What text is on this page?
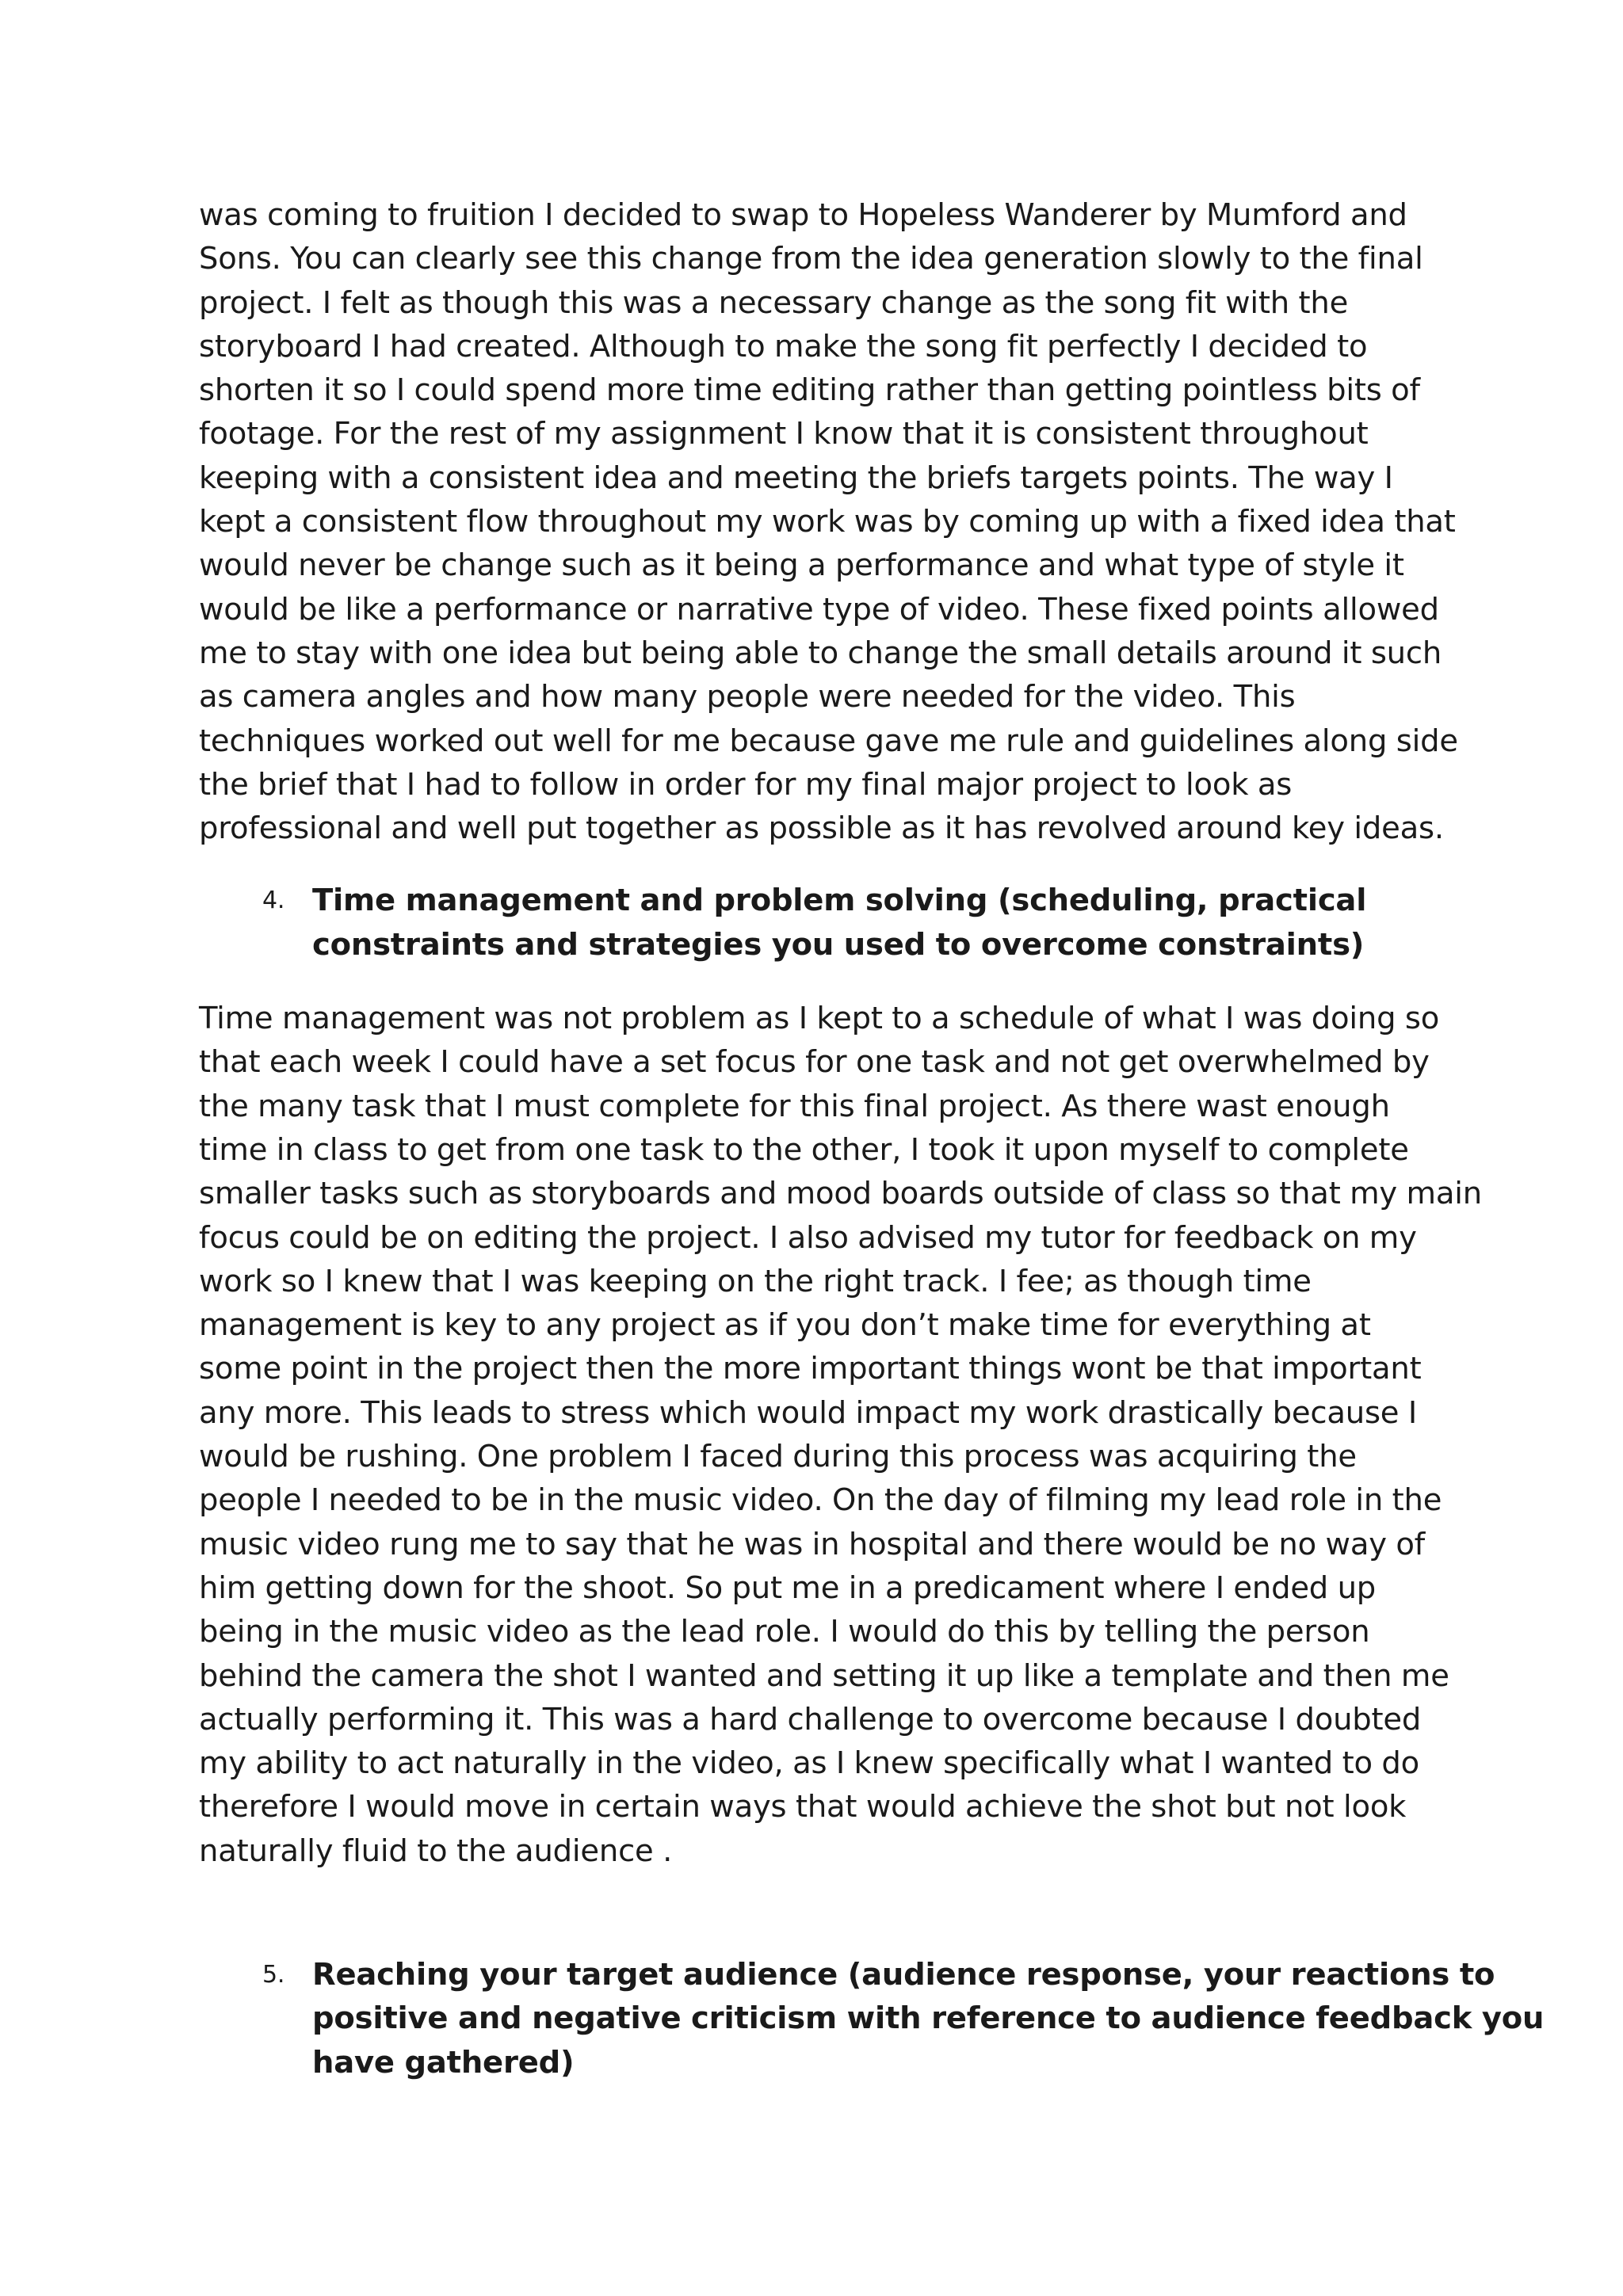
was coming to fruition I decided to swap to Hopeless Wanderer by Mumford and
Sons. You can clearly see this change from the idea generation slowly to the final
project. I felt as though this was a necessary change as the song fit with the
storyboard I had created. Although to make the song fit perfectly I decided to
shorten it so I could spend more time editing rather than getting pointless bits of
footage. For the rest of my assignment I know that it is consistent throughout
keeping with a consistent idea and meeting the briefs targets points. The way I
kept a consistent flow throughout my work was by coming up with a fixed idea that
would never be change such as it being a performance and what type of style it
would be like a performance or narrative type of video. These fixed points allowed
me to stay with one idea but being able to change the small details around it such
as camera angles and how many people were needed for the video. This
techniques worked out well for me because gave me rule and guidelines along side
the brief that I had to follow in order for my final major project to look as
professional and well put together as possible as it has revolved around key ideas.

4. Time management and problem solving (scheduling, practical
constraints and strategies you used to overcome constraints)

Time management was not problem as I kept to a schedule of what I was doing so
that each week I could have a set focus for one task and not get overwhelmed by
the many task that I must complete for this final project. As there wast enough
time in class to get from one task to the other, I took it upon myself to complete
smaller tasks such as storyboards and mood boards outside of class so that my main
focus could be on editing the project. I also advised my tutor for feedback on my
work so I knew that I was keeping on the right track. I fee; as though time
management is key to any project as if you don’t make time for everything at
some point in the project then the more important things wont be that important
any more. This leads to stress which would impact my work drastically because I
would be rushing. One problem I faced during this process was acquiring the
people I needed to be in the music video. On the day of filming my lead role in the
music video rung me to say that he was in hospital and there would be no way of
him getting down for the shoot. So put me in a predicament where I ended up
being in the music video as the lead role. I would do this by telling the person
behind the camera the shot I wanted and setting it up like a template and then me
actually performing it. This was a hard challenge to overcome because I doubted
my ability to act naturally in the video, as I knew specifically what I wanted to do
therefore I would move in certain ways that would achieve the shot but not look
naturally fluid to the audience .

5. Reaching your target audience (audience response, your reactions to
positive and negative criticism with reference to audience feedback you
have gathered)
